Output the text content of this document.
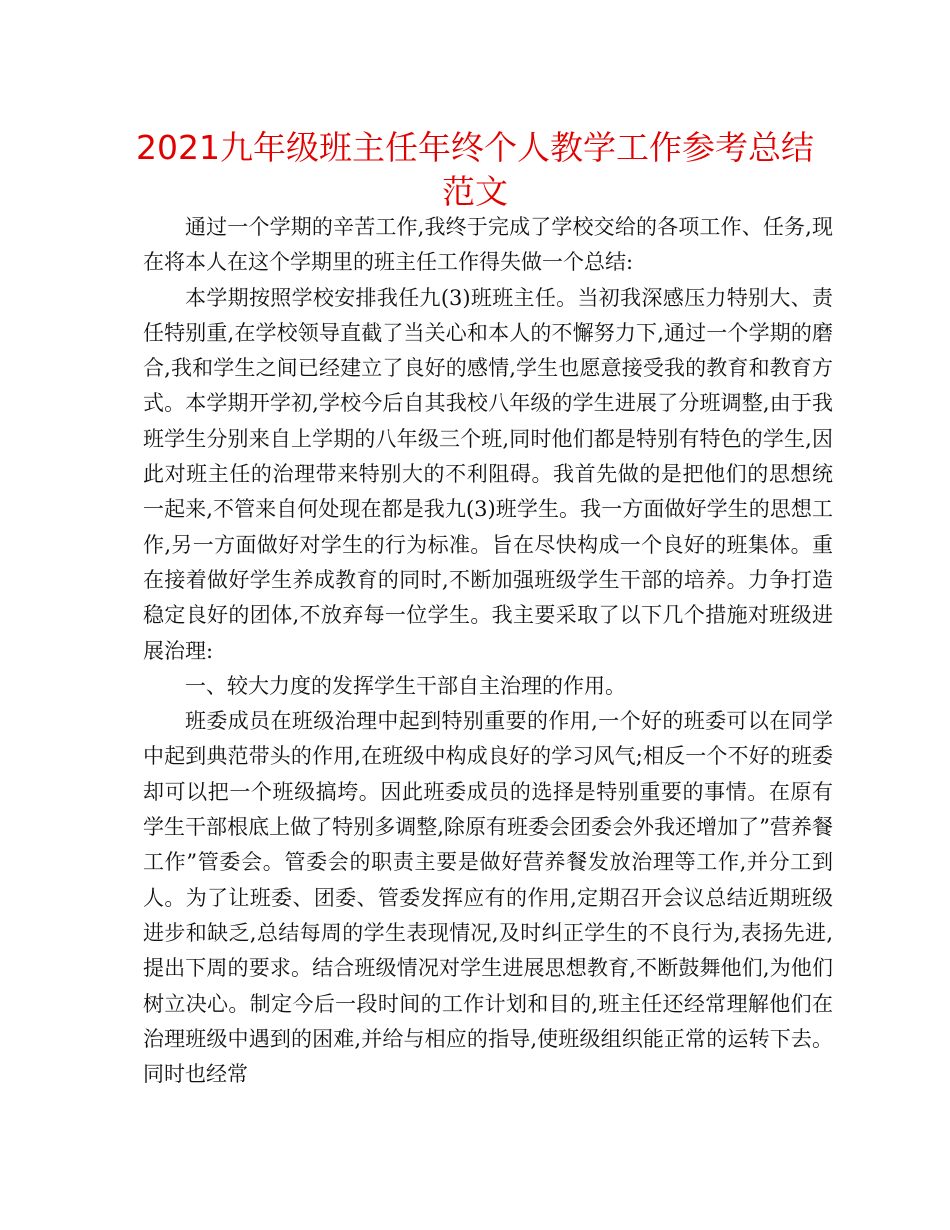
2021九年级班主任年终个人教学工作参考总结
范文

通过一个学期的辛苦工作,我终于完成了学校交给的各项工作、任务,现在将本人在这个学期里的班主任工作得失做一个总结:

本学期按照学校安排我任九(3)班班主任。当初我深感压力特别大、责任特别重,在学校领导直截了当关心和本人的不懈努力下,通过一个学期的磨合,我和学生之间已经建立了良好的感情,学生也愿意接受我的教育和教育方式。本学期开学初,学校今后自其我校八年级的学生进展了分班调整,由于我班学生分别来自上学期的八年级三个班,同时他们都是特别有特色的学生,因此对班主任的治理带来特别大的不利阻碍。我首先做的是把他们的思想统一起来,不管来自何处现在都是我九(3)班学生。我一方面做好学生的思想工作,另一方面做好对学生的行为标准。旨在尽快构成一个良好的班集体。重在接着做好学生养成教育的同时,不断加强班级学生干部的培养。力争打造稳定良好的团体,不放弃每一位学生。我主要采取了以下几个措施对班级进展治理:

一、较大力度的发挥学生干部自主治理的作用。

班委成员在班级治理中起到特别重要的作用,一个好的班委可以在同学中起到典范带头的作用,在班级中构成良好的学习风气;相反一个不好的班委却可以把一个班级搞垮。因此班委成员的选择是特别重要的事情。在原有学生干部根底上做了特别多调整,除原有班委会团委会外我还增加了”营养餐工作”管委会。管委会的职责主要是做好营养餐发放治理等工作,并分工到人。为了让班委、团委、管委发挥应有的作用,定期召开会议总结近期班级进步和缺乏,总结每周的学生表现情况,及时纠正学生的不良行为,表扬先进,提出下周的要求。结合班级情况对学生进展思想教育,不断鼓舞他们,为他们树立决心。制定今后一段时间的工作计划和目的,班主任还经常理解他们在治理班级中遇到的困难,并给与相应的指导,使班级组织能正常的运转下去。同时也经常
